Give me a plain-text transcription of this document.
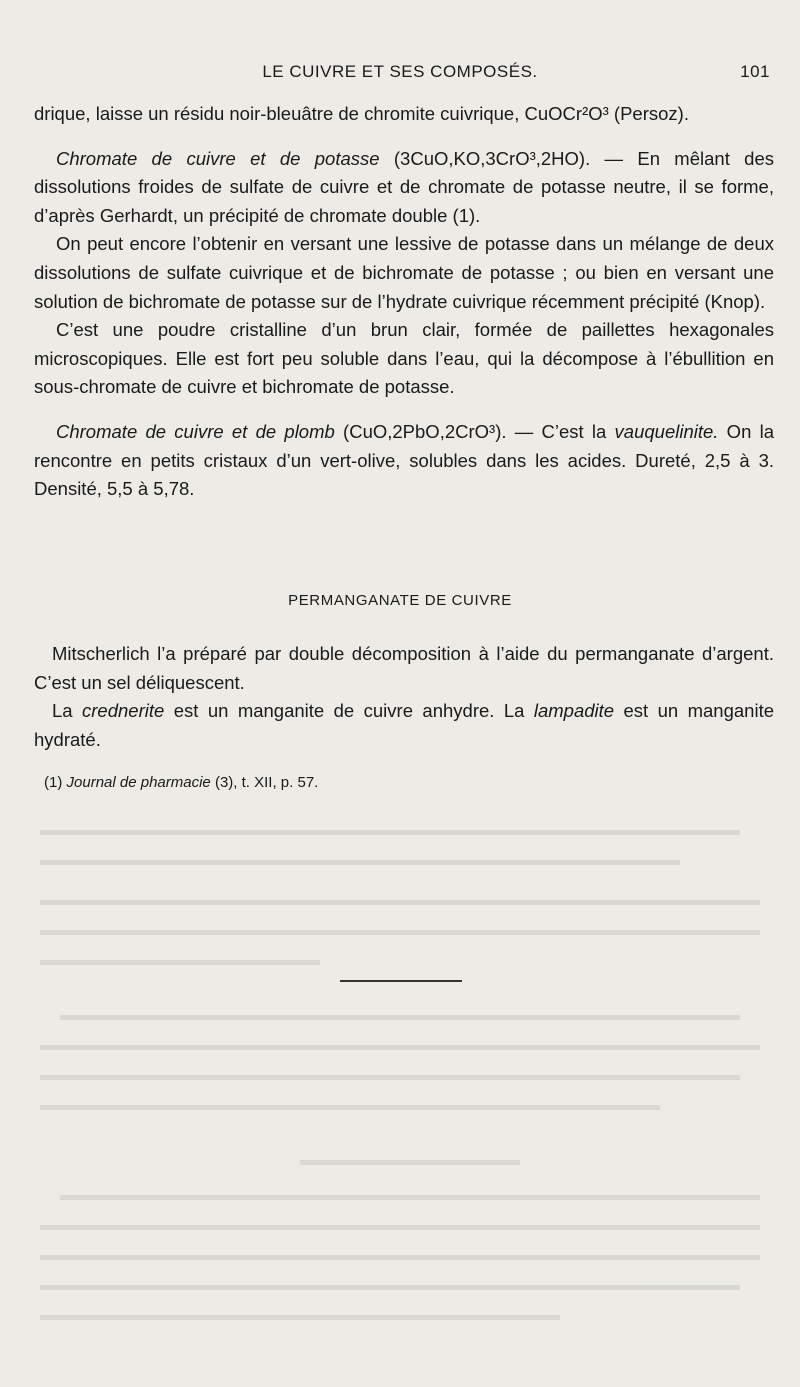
LE CUIVRE ET SES COMPOSÉS.	101

drique, laisse un résidu noir-bleuâtre de chromite cuivrique, CuOCr²O³ (Persoz).

Chromate de cuivre et de potasse (3CuO,KO,3CrO³,2HO). — En mêlant des dissolutions froides de sulfate de cuivre et de chromate de potasse neutre, il se forme, d’après Gerhardt, un précipité de chromate double (1).

On peut encore l’obtenir en versant une lessive de potasse dans un mélange de deux dissolutions de sulfate cuivrique et de bichromate de potasse ; ou bien en versant une solution de bichromate de potasse sur de l’hydrate cuivrique récemment précipité (Knop).

C’est une poudre cristalline d’un brun clair, formée de paillettes hexagonales microscopiques. Elle est fort peu soluble dans l’eau, qui la décompose à l’ébullition en sous-chromate de cuivre et bichromate de potasse.

Chromate de cuivre et de plomb (CuO,2PbO,2CrO³). — C’est la vauquelinite. On la rencontre en petits cristaux d’un vert-olive, solubles dans les acides. Dureté, 2,5 à 3. Densité, 5,5 à 5,78.

PERMANGANATE DE CUIVRE

Mitscherlich l’a préparé par double décomposition à l’aide du permanganate d’argent. C’est un sel déliquescent.

La crednerite est un manganite de cuivre anhydre. La lampadite est un manganite hydraté.

(1) Journal de pharmacie (3), t. XII, p. 57.
